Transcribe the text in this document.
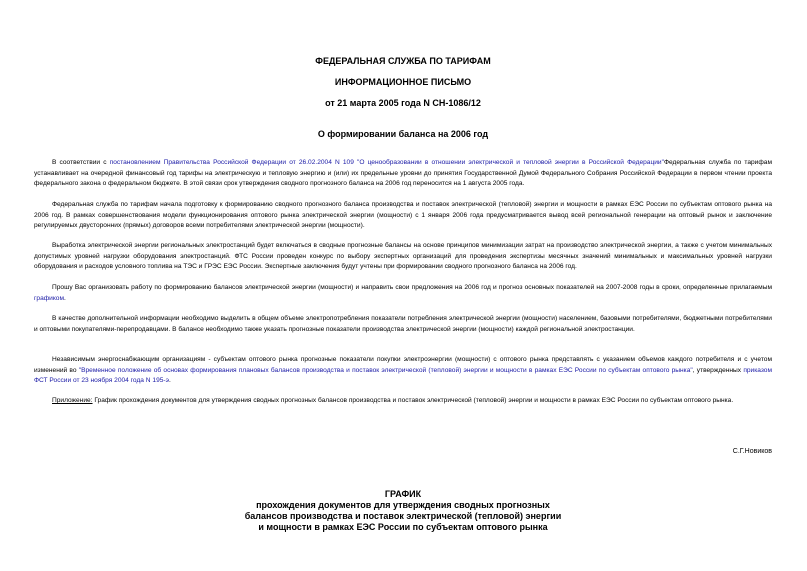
ФЕДЕРАЛЬНАЯ СЛУЖБА ПО ТАРИФАМ
ИНФОРМАЦИОННОЕ ПИСЬМО
от 21 марта 2005 года N СН-1086/12
О формировании баланса на 2006 год
В соответствии с постановлением Правительства Российской Федерации от 26.02.2004 N 109 "О ценообразовании в отношении электрической и тепловой энергии в Российской Федерации"Федеральная служба по тарифам устанавливает на очередной финансовый год тарифы на электрическую и тепловую энергию и (или) их предельные уровни до принятия Государственной Думой Федерального Собрания Российской Федерации в первом чтении проекта федерального закона о федеральном бюджете. В этой связи срок утверждения сводного прогнозного баланса на 2006 год переносится на 1 августа 2005 года.
Федеральная служба по тарифам начала подготовку к формированию сводного прогнозного баланса производства и поставок электрической (тепловой) энергии и мощности в рамках ЕЭС России по субъектам оптового рынка на 2006 год. В рамках совершенствования модели функционирования оптового рынка электрической энергии (мощности) с 1 января 2006 года предусматривается вывод всей региональной генерации на оптовый рынок и заключение регулируемых двусторонних (прямых) договоров всеми потребителями электрической энергии (мощности).
Выработка электрической энергии региональных электростанций будет включаться в сводные прогнозные балансы на основе принципов минимизации затрат на производство электрической энергии, а также с учетом минимальных допустимых уровней нагрузки оборудования электростанций. ФТС России проведен конкурс по выбору экспертных организаций для проведения экспертизы месячных значений минимальных и максимальных уровней нагрузки оборудования и расходов условного топлива на ТЭС и ГРЭС ЕЭС России. Экспертные заключения будут учтены при формировании сводного прогнозного баланса на 2006 год.
Прошу Вас организовать работу по формированию балансов электрической энергии (мощности) и направить свои предложения на 2006 год и прогноз основных показателей на 2007-2008 годы в сроки, определенные прилагаемым графиком.
В качестве дополнительной информации необходимо выделить в общем объеме электропотребления показатели потребления электрической энергии (мощности) населением, базовыми потребителями, бюджетными потребителями и оптовыми покупателями-перепродавцами. В балансе необходимо также указать прогнозные показатели производства электрической энергии (мощности) каждой региональной электростанции.
Независимым энергоснабжающим организациям - субъектам оптового рынка прогнозные показатели покупки электроэнергии (мощности) с оптового рынка представлять с указанием объемов каждого потребителя и с учетом изменений во "Временное положение об основах формирования плановых балансов производства и поставок электрической (тепловой) энергии и мощности в рамках ЕЭС России по субъектам оптового рынка", утвержденных приказом ФСТ России от 23 ноября 2004 года N 195-э.
Приложение: График прохождения документов для утверждения сводных прогнозных балансов производства и поставок электрической (тепловой) энергии и мощности в рамках ЕЭС России по субъектам оптового рынка.
С.Г.Новиков
ГРАФИК
прохождения документов для утверждения сводных прогнозных
балансов производства и поставок электрической (тепловой) энергии
и мощности в рамках ЕЭС России по субъектам оптового рынка
